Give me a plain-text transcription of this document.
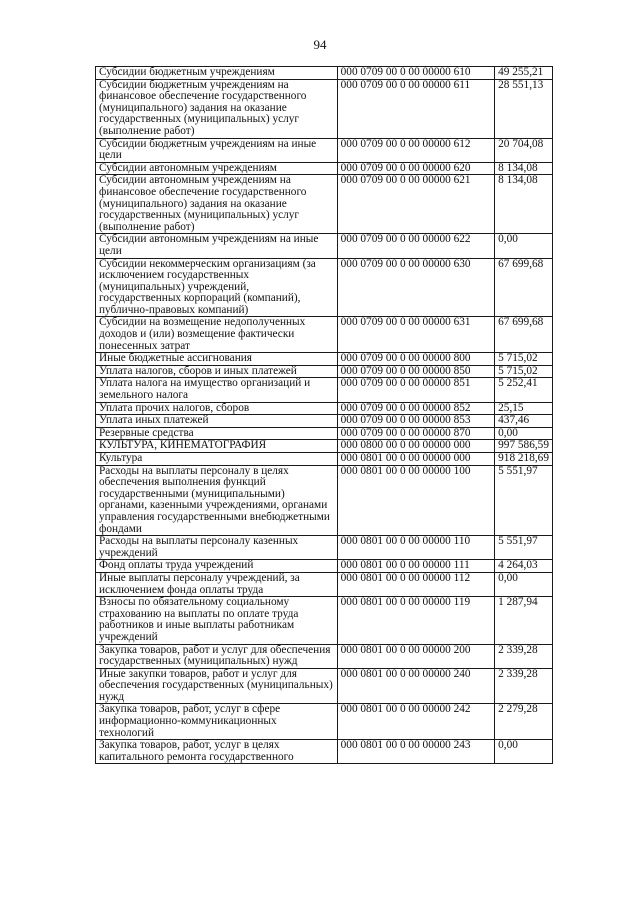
94
Субсидии бюджетным учреждениям	000 0709 00 0 00 00000 610	49 255,21
Субсидии бюджетным учреждениям на финансовое обеспечение государственного (муниципального) задания на оказание государственных (муниципальных) услуг (выполнение работ)	000 0709 00 0 00 00000 611	28 551,13
Субсидии бюджетным учреждениям на иные цели	000 0709 00 0 00 00000 612	20 704,08
Субсидии автономным учреждениям	000 0709 00 0 00 00000 620	8 134,08
Субсидии автономным учреждениям на финансовое обеспечение государственного (муниципального) задания на оказание государственных (муниципальных) услуг (выполнение работ)	000 0709 00 0 00 00000 621	8 134,08
Субсидии автономным учреждениям на иные цели	000 0709 00 0 00 00000 622	0,00
Субсидии некоммерческим организациям (за исключением государственных (муниципальных) учреждений, государственных корпораций (компаний), публично-правовых компаний)	000 0709 00 0 00 00000 630	67 699,68
Субсидии на возмещение недополученных доходов и (или) возмещение фактически понесенных затрат	000 0709 00 0 00 00000 631	67 699,68
Иные бюджетные ассигнования	000 0709 00 0 00 00000 800	5 715,02
Уплата налогов, сборов и иных платежей	000 0709 00 0 00 00000 850	5 715,02
Уплата налога на имущество организаций и земельного налога	000 0709 00 0 00 00000 851	5 252,41
Уплата прочих налогов, сборов	000 0709 00 0 00 00000 852	25,15
Уплата иных платежей	000 0709 00 0 00 00000 853	437,46
Резервные средства	000 0709 00 0 00 00000 870	0,00
КУЛЬТУРА, КИНЕМАТОГРАФИЯ	000 0800 00 0 00 00000 000	997 586,59
Культура	000 0801 00 0 00 00000 000	918 218,69
Расходы на выплаты персоналу в целях обеспечения выполнения функций государственными (муниципальными) органами, казенными учреждениями, органами управления государственными внебюджетными фондами	000 0801 00 0 00 00000 100	5 551,97
Расходы на выплаты персоналу казенных учреждений	000 0801 00 0 00 00000 110	5 551,97
Фонд оплаты труда учреждений	000 0801 00 0 00 00000 111	4 264,03
Иные выплаты персоналу учреждений, за исключением фонда оплаты труда	000 0801 00 0 00 00000 112	0,00
Взносы по обязательному социальному страхованию на выплаты по оплате труда работников и иные выплаты работникам учреждений	000 0801 00 0 00 00000 119	1 287,94
Закупка товаров, работ и услуг для обеспечения государственных (муниципальных) нужд	000 0801 00 0 00 00000 200	2 339,28
Иные закупки товаров, работ и услуг для обеспечения государственных (муниципальных) нужд	000 0801 00 0 00 00000 240	2 339,28
Закупка товаров, работ, услуг в сфере информационно-коммуникационных технологий	000 0801 00 0 00 00000 242	2 279,28
Закупка товаров, работ, услуг в целях капитального ремонта государственного	000 0801 00 0 00 00000 243	0,00
